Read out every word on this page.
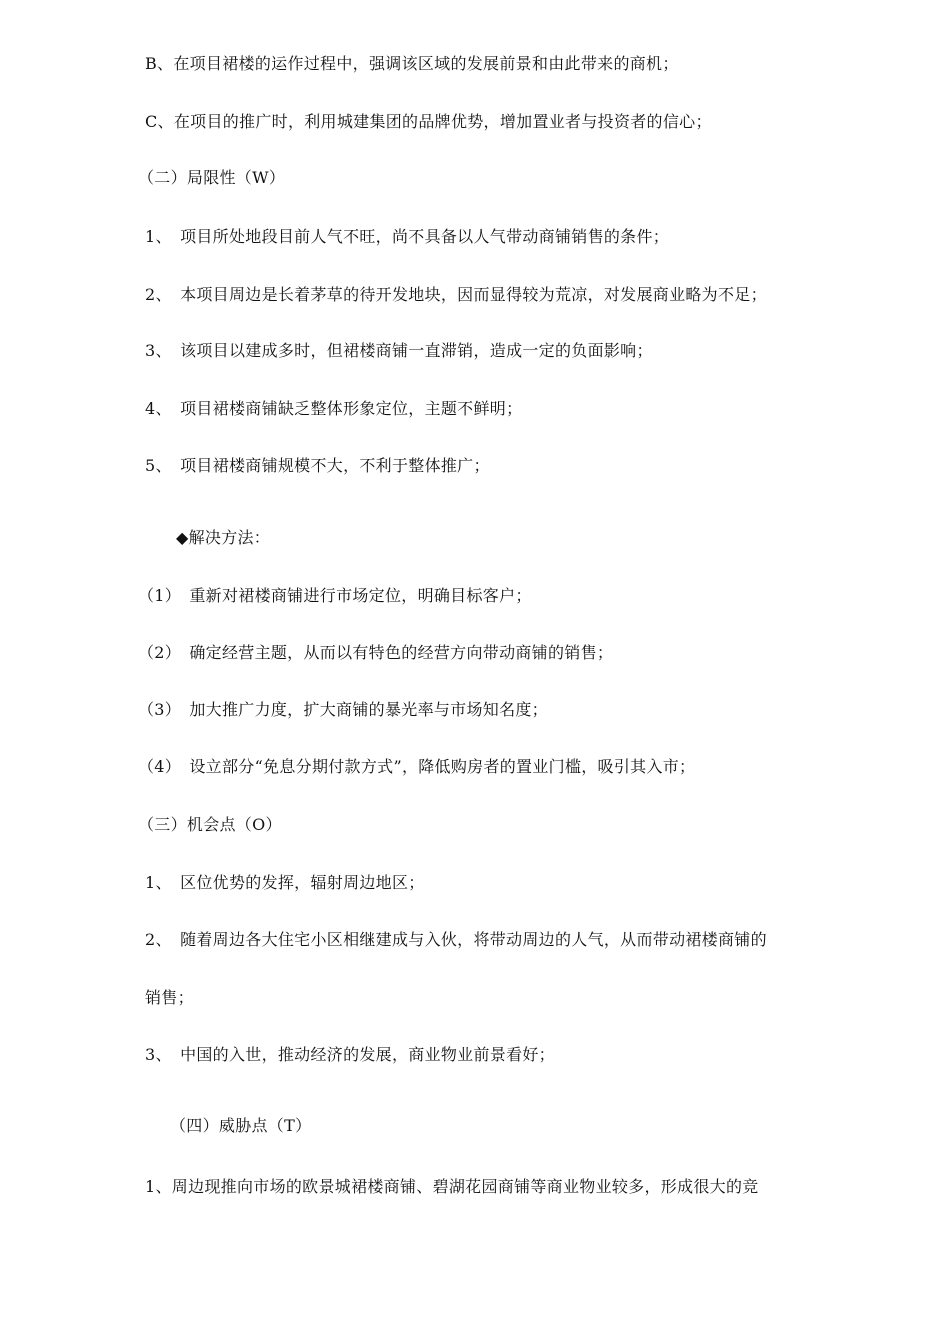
B、在项目裙楼的运作过程中，强调该区域的发展前景和由此带来的商机；
C、在项目的推广时，利用城建集团的品牌优势，增加置业者与投资者的信心；
（二）局限性（W）
1、　项目所处地段目前人气不旺，尚不具备以人气带动商铺销售的条件；
2、　本项目周边是长着茅草的待开发地块，因而显得较为荒凉，对发展商业略为不足；
3、　该项目以建成多时，但裙楼商铺一直滞销，造成一定的负面影响；
4、　项目裙楼商铺缺乏整体形象定位，主题不鲜明；
5、　项目裙楼商铺规模不大，不利于整体推广；
◆解决方法：
（1）　重新对裙楼商铺进行市场定位，明确目标客户；
（2）　确定经营主题，从而以有特色的经营方向带动商铺的销售；
（3）　加大推广力度，扩大商铺的暴光率与市场知名度；
（4）　设立部分“免息分期付款方式”，降低购房者的置业门槛，吸引其入市；
（三）机会点（O）
1、　区位优势的发挥，辐射周边地区；
2、　随着周边各大住宅小区相继建成与入伙，将带动周边的人气，从而带动裙楼商铺的
销售；
3、　中国的入世，推动经济的发展，商业物业前景看好；
（四）威胁点（T）
1、周边现推向市场的欧景城裙楼商铺、碧湖花园商铺等商业物业较多，形成很大的竞
